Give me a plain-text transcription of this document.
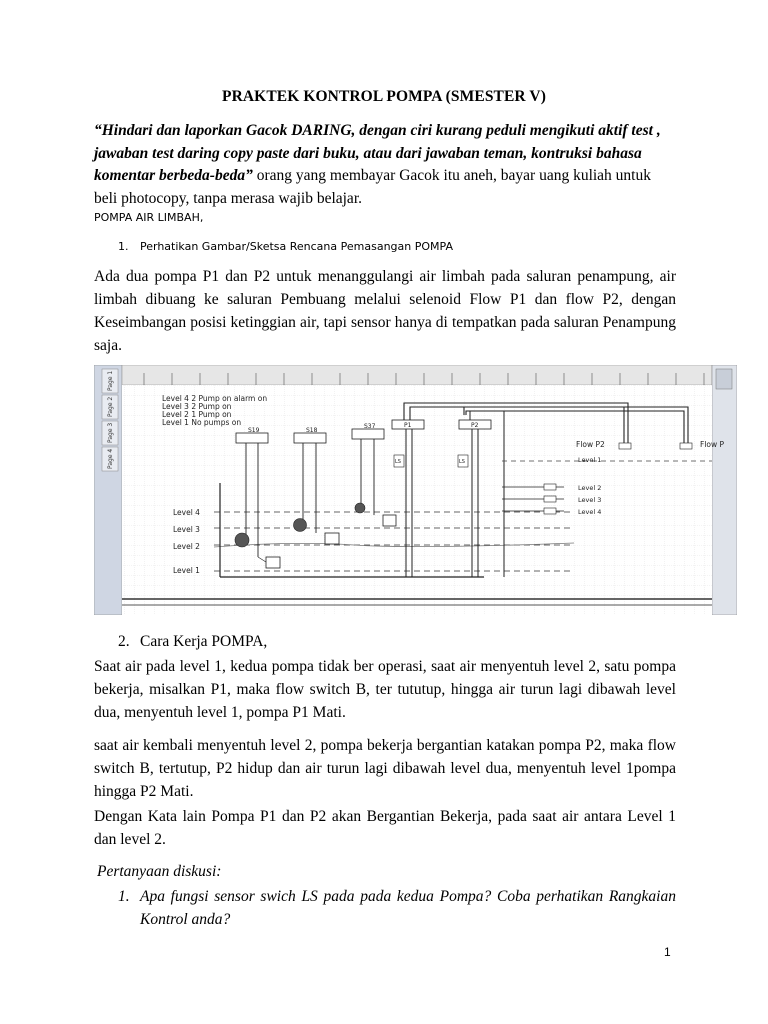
PRAKTEK KONTROL POMPA (SMESTER V)

“Hindari dan laporkan Gacok DARING, dengan ciri kurang peduli mengikuti aktif test , jawaban test daring copy paste dari buku, atau dari jawaban teman, kontruksi bahasa komentar berbeda-beda” orang yang membayar Gacok itu aneh, bayar uang kuliah untuk beli photocopy, tanpa merasa wajib belajar.

POMPA AIR LIMBAH,
1. Perhatikan Gambar/Sketsa Rencana Pemasangan POMPA

Ada dua pompa P1 dan P2 untuk menanggulangi air limbah pada saluran penampung, air limbah dibuang ke saluran Pembuang melalui selenoid Flow P1 dan flow P2, dengan Keseimbangan posisi ketinggian air, tapi sensor hanya di tempatkan pada saluran Penampung saja.

Page 1
Page 2
Page 3
Page 4
Level 4 2 Pump on alarm on
Level 3 2 Pump on
Level 2 1 Pump on
Level 1 No pumps on
Level 4
Level 3
Level 2
Level 1
S19	S18
S37
LS	LS
P1	P2
Flow P2	Flow P
Level 1
Level 2
Level 3
Level 4
2. Cara Kerja POMPA,

Saat air pada level 1, kedua pompa tidak ber operasi, saat air menyentuh level 2, satu pompa bekerja, misalkan P1, maka flow switch B, ter tututup, hingga air turun lagi dibawah level dua, menyentuh level 1, pompa P1 Mati.

saat air kembali menyentuh level 2, pompa bekerja bergantian katakan pompa P2, maka flow switch B, tertutup, P2 hidup dan air turun lagi dibawah level dua, menyentuh level 1pompa hingga P2 Mati.

Dengan Kata lain Pompa P1 dan P2 akan Bergantian Bekerja, pada saat air antara Level 1 dan level 2.

Pertanyaan diskusi:
1. Apa fungsi sensor swich LS pada pada kedua Pompa? Coba perhatikan Rangkaian Kontrol anda?
1
